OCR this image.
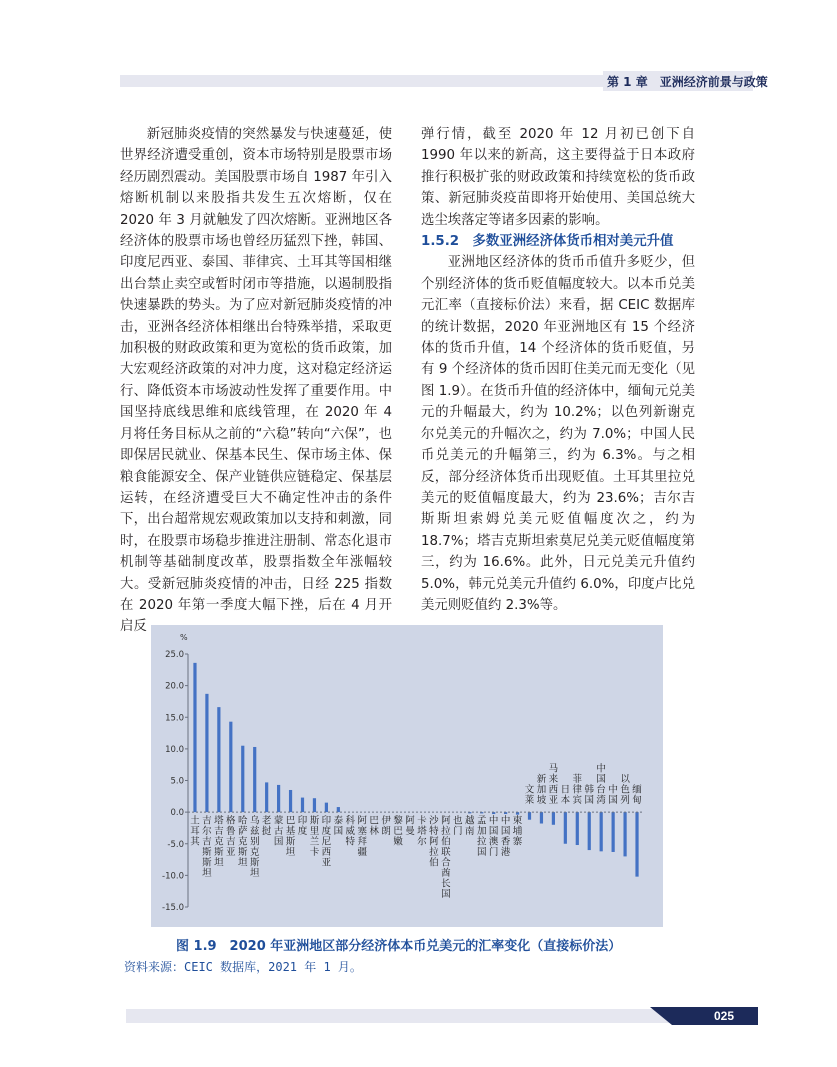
第 1 章　亚洲经济前景与政策

新冠肺炎疫情的突然暴发与快速蔓延，使世界经济遭受重创，资本市场特别是股票市场经历剧烈震动。美国股票市场自 1987 年引入熔断机制以来股指共发生五次熔断，仅在 2020 年 3 月就触发了四次熔断。亚洲地区各经济体的股票市场也曾经历猛烈下挫，韩国、印度尼西亚、泰国、菲律宾、土耳其等国相继出台禁止卖空或暂时闭市等措施，以遏制股指快速暴跌的势头。为了应对新冠肺炎疫情的冲击，亚洲各经济体相继出台特殊举措，采取更加积极的财政政策和更为宽松的货币政策，加大宏观经济政策的对冲力度，这对稳定经济运行、降低资本市场波动性发挥了重要作用。中国坚持底线思维和底线管理，在 2020 年 4 月将任务目标从之前的“六稳”转向“六保”，也即保居民就业、保基本民生、保市场主体、保粮食能源安全、保产业链供应链稳定、保基层运转，在经济遭受巨大不确定性冲击的条件下，出台超常规宏观政策加以支持和刺激，同时，在股票市场稳步推进注册制、常态化退市机制等基础制度改革，股票指数全年涨幅较大。受新冠肺炎疫情的冲击，日经 225 指数在 2020 年第一季度大幅下挫，后在 4 月开启反

弹行情，截至 2020 年 12 月初已创下自 1990 年以来的新高，这主要得益于日本政府推行积极扩张的财政政策和持续宽松的货币政策、新冠肺炎疫苗即将开始使用、美国总统大选尘埃落定等诸多因素的影响。

1.5.2　多数亚洲经济体货币相对美元升值

亚洲地区经济体的货币币值升多贬少，但个别经济体的货币贬值幅度较大。以本币兑美元汇率（直接标价法）来看，据 CEIC 数据库的统计数据，2020 年亚洲地区有 15 个经济体的货币升值，14 个经济体的货币贬值，另有 9 个经济体的货币因盯住美元而无变化（见图 1.9）。在货币升值的经济体中，缅甸元兑美元的升幅最大，约为 10.2%；以色列新谢克尔兑美元的升幅次之，约为 7.0%；中国人民币兑美元的升幅第三，约为 6.3%。与之相反，部分经济体货币出现贬值。土耳其里拉兑美元的贬值幅度最大，约为 23.6%；吉尔吉斯斯坦索姆兑美元贬值幅度次之，约为 18.7%；塔吉克斯坦索莫尼兑美元贬值幅度第三，约为 16.6%。此外，日元兑美元升值约 5.0%，韩元兑美元升值约 6.0%，印度卢比兑美元则贬值约 2.3%等。

%
25.0
20.0
15.0
10.0
5.0
0.0
-5.0
-10.0
-15.0
土耳其
吉尔吉斯斯坦
塔吉克斯坦
格鲁吉亚
哈萨克斯坦
乌兹别克斯坦
老挝
蒙古国
巴基斯坦
印度
斯里兰卡
印度尼西亚
泰国
科威特
阿塞拜疆
巴林
伊朗
黎巴嫩
阿曼
卡塔尔
沙特阿拉伯
阿拉伯联合酋长国
也门
越南
孟加拉国
中国澳门
中国香港
柬埔寨
文莱
新加坡
马来西亚
日本
菲律宾
韩国
中国台湾
中国
以色列
缅甸
图 1.9　2020 年亚洲地区部分经济体本币兑美元的汇率变化（直接标价法）
资料来源：CEIC 数据库，2021 年 1 月。
025
